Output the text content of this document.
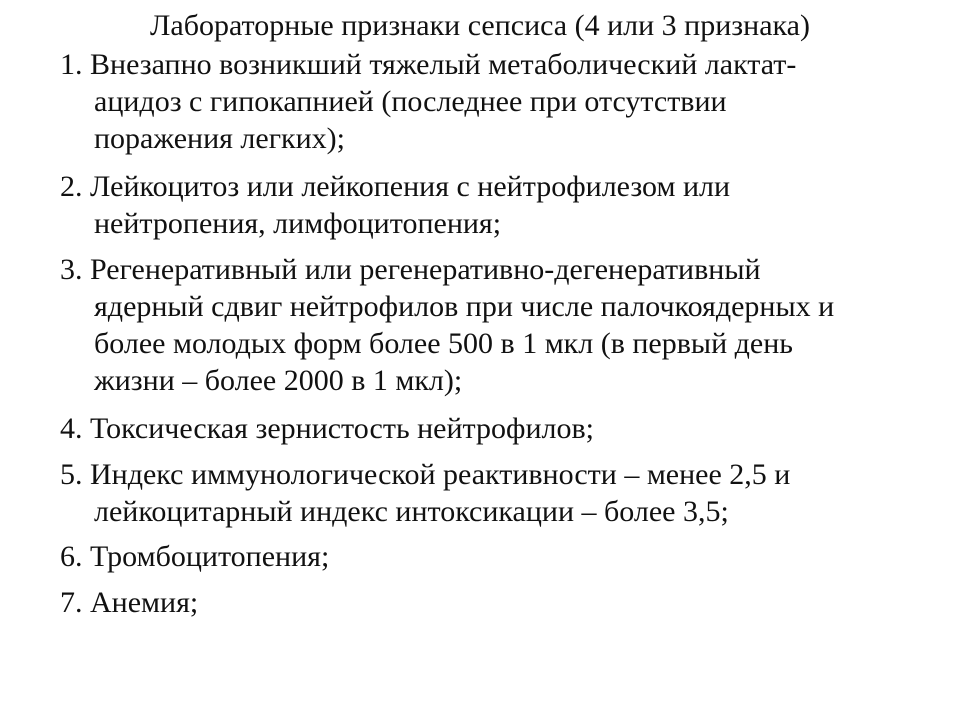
Лабораторные признаки сепсиса (4 или 3 признака)
1. Внезапно возникший тяжелый метаболический лактат-
ацидоз с гипокапнией (последнее при отсутствии
поражения легких);
2. Лейкоцитоз или лейкопения с нейтрофилезом или
нейтропения, лимфоцитопения;
3. Регенеративный или регенеративно-дегенеративный
ядерный сдвиг нейтрофилов при числе палочкоядерных и
более молодых форм более 500 в 1 мкл (в первый день
жизни – более 2000 в 1 мкл);
4. Токсическая зернистость нейтрофилов;
5. Индекс иммунологической реактивности – менее 2,5 и
лейкоцитарный индекс интоксикации – более 3,5;
6. Тромбоцитопения;
7. Анемия;
